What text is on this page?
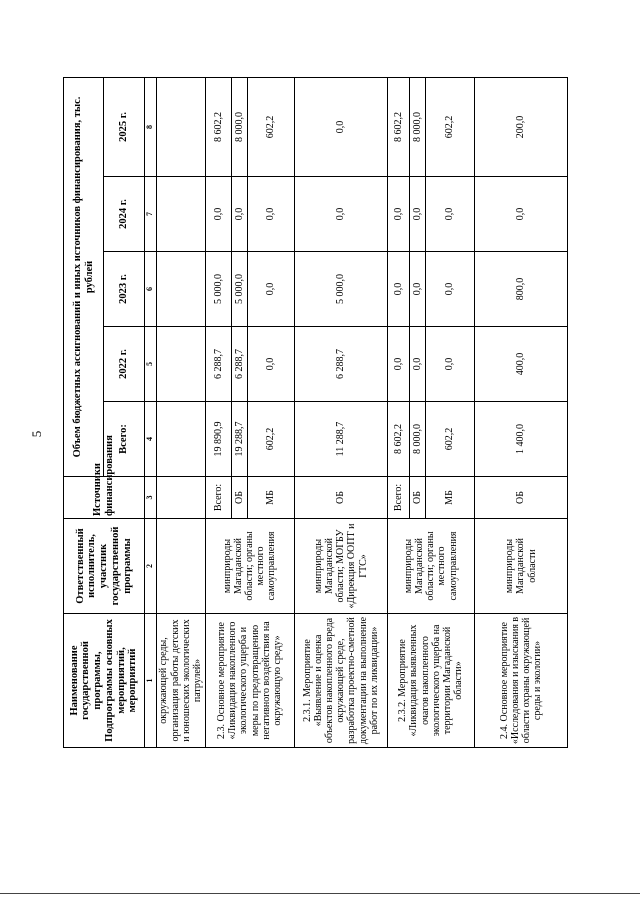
5
Наименование государственной программы, Подпрограммы основных мероприятий, мероприятий	Ответственный исполнитель, участник государственной программы	Источники финансирования	Объем бюджетных ассигнований и иных источников финансирования, тыс. рублей				
			Всего:	2022 г.	2023 г.	2024 г.	2025 г.
1	2	3	4	5	6	7	8
окружающей среды, организация работы детских и юношеских экологических патрулей»							
2.3. Основное мероприятие «Ликвидация накопленного экологического ущерба и меры по предотвращению негативного воздействия на окружающую среду»	минприроды Магаданской области; органы местного самоуправления	Всего:	19 890,9	6 288,7	5 000,0	0,0	8 602,2
		ОБ	19 288,7	6 288,7	5 000,0	0,0	8 000,0
		МБ	602,2	0,0	0,0	0,0	602,2
2.3.1. Мероприятие «Выявление и оценка объектов накопленного вреда окружающей среде, разработка проектно-сметной документации на выполнение работ по их ликвидации»	минприроды Магаданской области; МОГБУ «Дирекция ООПТ и ГТС»	ОБ	11 288,7	6 288,7	5 000,0	0,0	0,0
2.3.2. Мероприятие «Ликвидация выявленных очагов накопленного экологического ущерба на территории Магаданской области»	минприроды Магаданской области; органы местного самоуправления	Всего:	8 602,2	0,0	0,0	0,0	8 602,2
		ОБ	8 000,0	0,0	0,0	0,0	8 000,0
		МБ	602,2	0,0	0,0	0,0	602,2
2.4. Основное мероприятие «Исследования и изыскания в области охраны окружающей среды и экологии»	минприроды Магаданской области	ОБ	1 400,0	400,0	800,0	0,0	200,0
